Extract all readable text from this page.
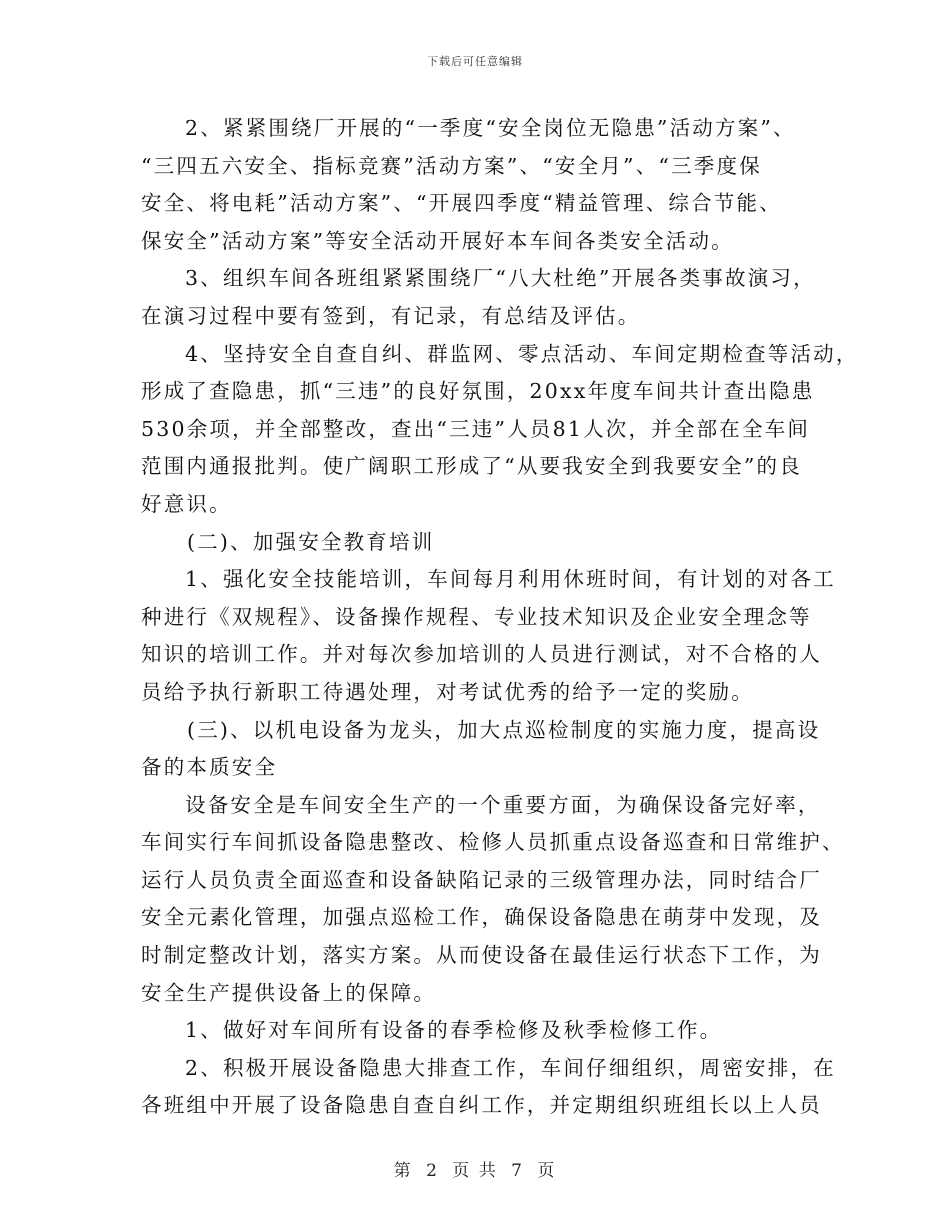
下载后可任意编辑
2、紧紧围绕厂开展的“一季度“安全岗位无隐患”活动方案”、
“三四五六安全、指标竞赛”活动方案”、“安全月”、“三季度保
安全、将电耗”活动方案”、“开展四季度“精益管理、综合节能、
保安全”活动方案”等安全活动开展好本车间各类安全活动。
3、组织车间各班组紧紧围绕厂“八大杜绝”开展各类事故演习，
在演习过程中要有签到，有记录，有总结及评估。
4、坚持安全自查自纠、群监网、零点活动、车间定期检查等活动，
形成了查隐患，抓“三违”的良好氛围，20xx年度车间共计查出隐患
530余项，并全部整改，查出“三违”人员81人次，并全部在全车间
范围内通报批判。使广阔职工形成了“从要我安全到我要安全”的良
好意识。
(二)、加强安全教育培训
1、强化安全技能培训，车间每月利用休班时间，有计划的对各工
种进行《双规程》、设备操作规程、专业技术知识及企业安全理念等
知识的培训工作。并对每次参加培训的人员进行测试，对不合格的人
员给予执行新职工待遇处理，对考试优秀的给予一定的奖励。
(三)、以机电设备为龙头，加大点巡检制度的实施力度，提高设
备的本质安全
设备安全是车间安全生产的一个重要方面，为确保设备完好率，
车间实行车间抓设备隐患整改、检修人员抓重点设备巡查和日常维护、
运行人员负责全面巡查和设备缺陷记录的三级管理办法，同时结合厂
安全元素化管理，加强点巡检工作，确保设备隐患在萌芽中发现，及
时制定整改计划，落实方案。从而使设备在最佳运行状态下工作，为
安全生产提供设备上的保障。
1、做好对车间所有设备的春季检修及秋季检修工作。
2、积极开展设备隐患大排查工作，车间仔细组织，周密安排，在
各班组中开展了设备隐患自查自纠工作，并定期组织班组长以上人员
第 2 页 共 7 页
